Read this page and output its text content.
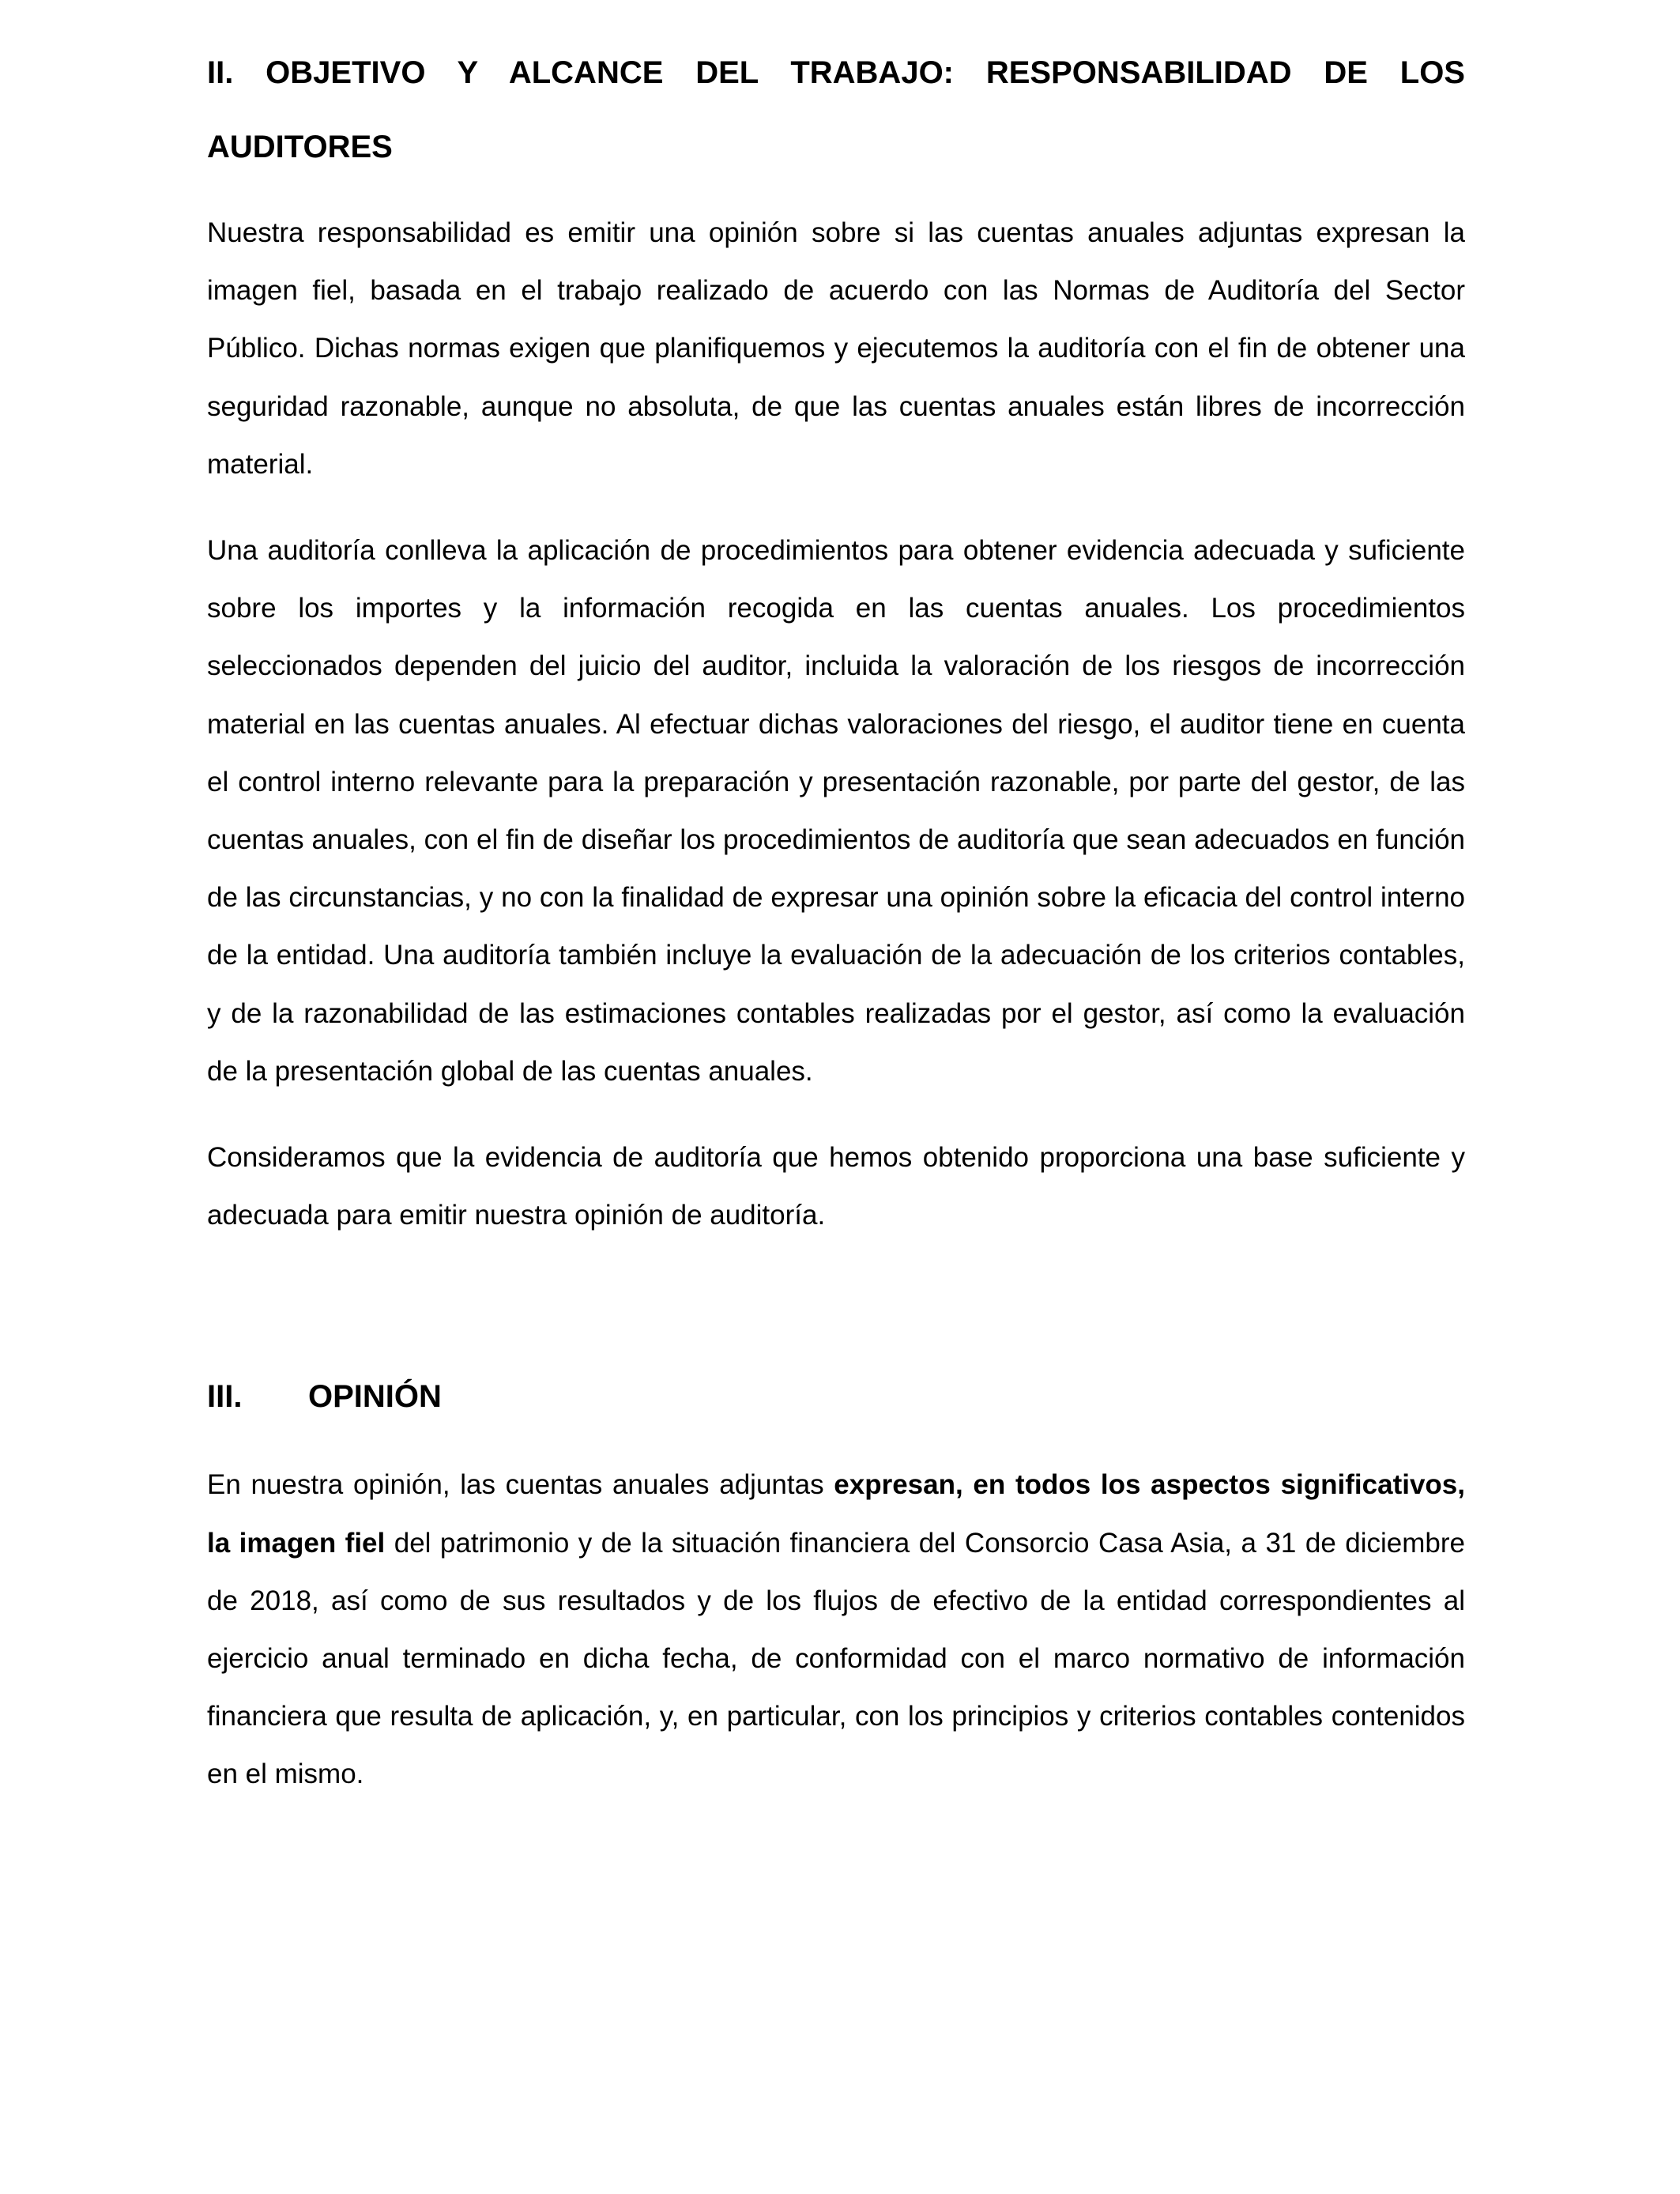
II. OBJETIVO Y ALCANCE DEL TRABAJO: RESPONSABILIDAD DE LOS AUDITORES

Nuestra responsabilidad es emitir una opinión sobre si las cuentas anuales adjuntas expresan la imagen fiel, basada en el trabajo realizado de acuerdo con las Normas de Auditoría del Sector Público. Dichas normas exigen que planifiquemos y ejecutemos la auditoría con el fin de obtener una seguridad razonable, aunque no absoluta, de que las cuentas anuales están libres de incorrección material.

Una auditoría conlleva la aplicación de procedimientos para obtener evidencia adecuada y suficiente sobre los importes y la información recogida en las cuentas anuales. Los procedimientos seleccionados dependen del juicio del auditor, incluida la valoración de los riesgos de incorrección material en las cuentas anuales. Al efectuar dichas valoraciones del riesgo, el auditor tiene en cuenta el control interno relevante para la preparación y presentación razonable, por parte del gestor, de las cuentas anuales, con el fin de diseñar los procedimientos de auditoría que sean adecuados en función de las circunstancias, y no con la finalidad de expresar una opinión sobre la eficacia del control interno de la entidad. Una auditoría también incluye la evaluación de la adecuación de los criterios contables, y de la razonabilidad de las estimaciones contables realizadas por el gestor, así como la evaluación de la presentación global de las cuentas anuales.

Consideramos que la evidencia de auditoría que hemos obtenido proporciona una base suficiente y adecuada para emitir nuestra opinión de auditoría.

III.	OPINIÓN

En nuestra opinión, las cuentas anuales adjuntas expresan, en todos los aspectos significativos, la imagen fiel del patrimonio y de la situación financiera del Consorcio Casa Asia, a 31 de diciembre de 2018, así como de sus resultados y de los flujos de efectivo de la entidad correspondientes al ejercicio anual terminado en dicha fecha, de conformidad con el marco normativo de información financiera que resulta de aplicación, y, en particular, con los principios y criterios contables contenidos en el mismo.
